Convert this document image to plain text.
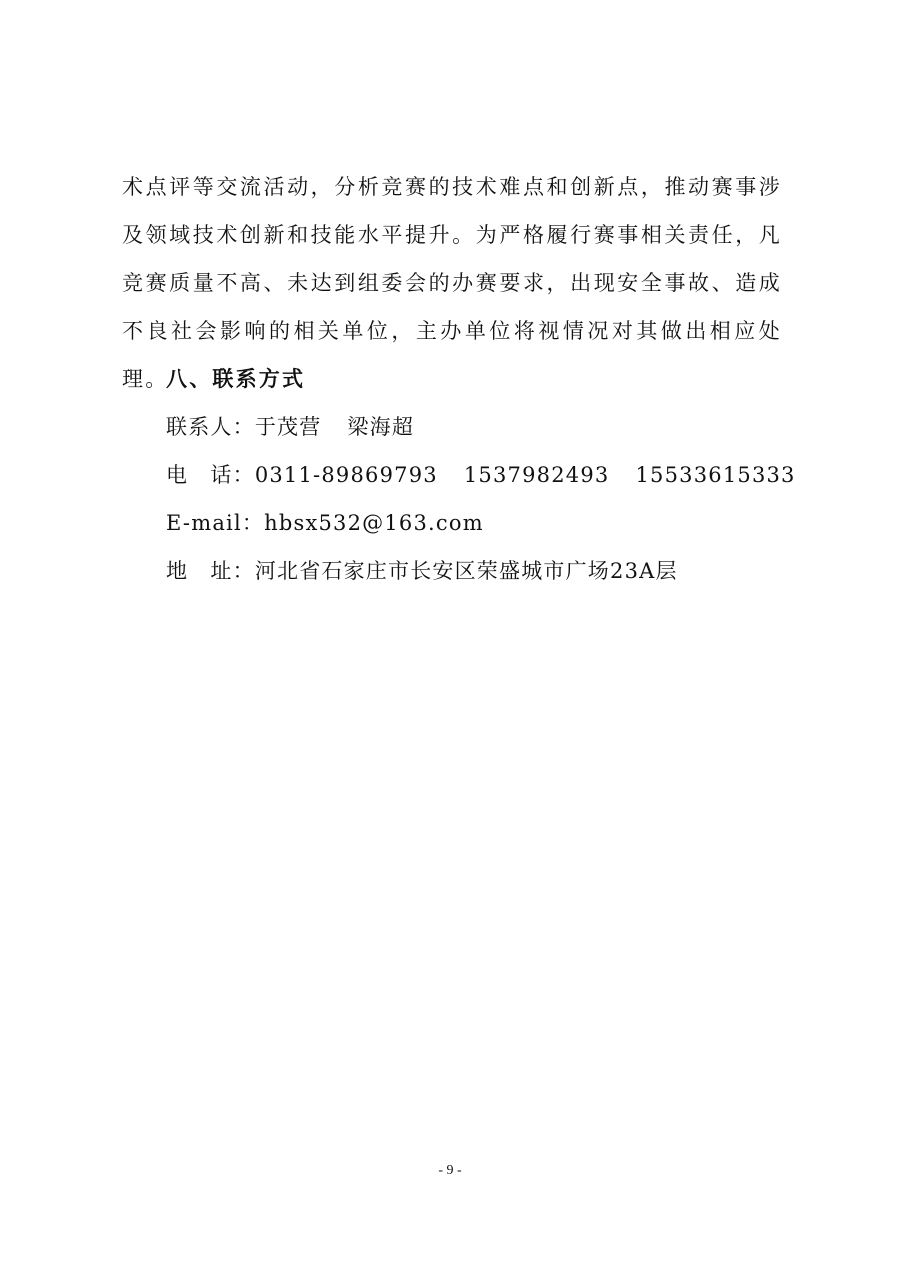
术点评等交流活动，分析竞赛的技术难点和创新点，推动赛事涉及领域技术创新和技能水平提升。为严格履行赛事相关责任，凡竞赛质量不高、未达到组委会的办赛要求，出现安全事故、造成不良社会影响的相关单位，主办单位将视情况对其做出相应处理。

八、联系方式

联系人：于茂营 梁海超

电　话：0311-89869793 1537982493 15533615333

E-mail：hbsx532@163.com

地　址：河北省石家庄市长安区荣盛城市广场23A层

- 9 -
